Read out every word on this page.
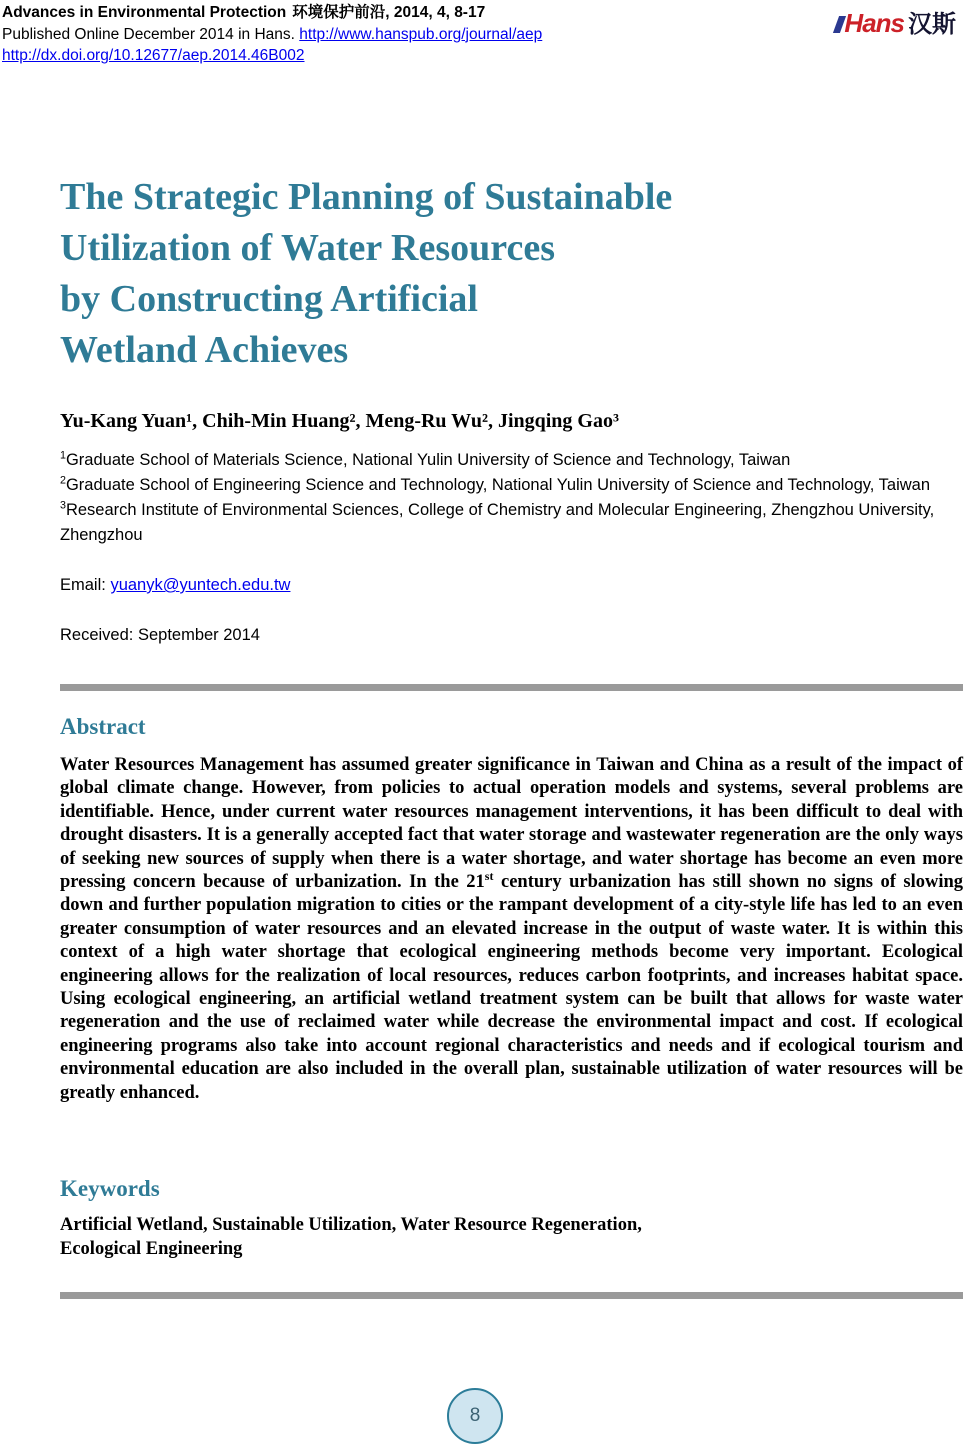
Advances in Environmental Protection 环境保护前沿, 2014, 4, 8-17
Published Online December 2014 in Hans. http://www.hanspub.org/journal/aep
http://dx.doi.org/10.12677/aep.2014.46B002
Hans 汉斯
The Strategic Planning of Sustainable
Utilization of Water Resources
by Constructing Artificial
Wetland Achieves
Yu-Kang Yuan¹, Chih-Min Huang², Meng-Ru Wu², Jingqing Gao³
$^1$Graduate School of Materials Science, National Yulin University of Science and Technology, Taiwan
$^2$Graduate School of Engineering Science and Technology, National Yulin University of Science and Technology, Taiwan
$^3$Research Institute of Environmental Sciences, College of Chemistry and Molecular Engineering, Zhengzhou University, Zhengzhou
Email: yuanyk@yuntech.edu.tw
Received: September 2014
Abstract
Water Resources Management has assumed greater significance in Taiwan and China as a result of the impact of global climate change. However, from policies to actual operation models and systems, several problems are identifiable. Hence, under current water resources management interventions, it has been difficult to deal with drought disasters. It is a generally accepted fact that water storage and wastewater regeneration are the only ways of seeking new sources of supply when there is a water shortage, and water shortage has become an even more pressing concern because of urbanization. In the 21st century urbanization has still shown no signs of slowing down and further population migration to cities or the rampant development of a city-style life has led to an even greater consumption of water resources and an elevated increase in the output of waste water. It is within this context of a high water shortage that ecological engineering methods become very important. Ecological engineering allows for the realization of local resources, reduces carbon footprints, and increases habitat space. Using ecological engineering, an artificial wetland treatment system can be built that allows for waste water regeneration and the use of reclaimed water while decrease the environmental impact and cost. If ecological engineering programs also take into account regional characteristics and needs and if ecological tourism and environmental education are also included in the overall plan, sustainable utilization of water resources will be greatly enhanced.
Keywords
Artificial Wetland, Sustainable Utilization, Water Resource Regeneration,
Ecological Engineering
8
